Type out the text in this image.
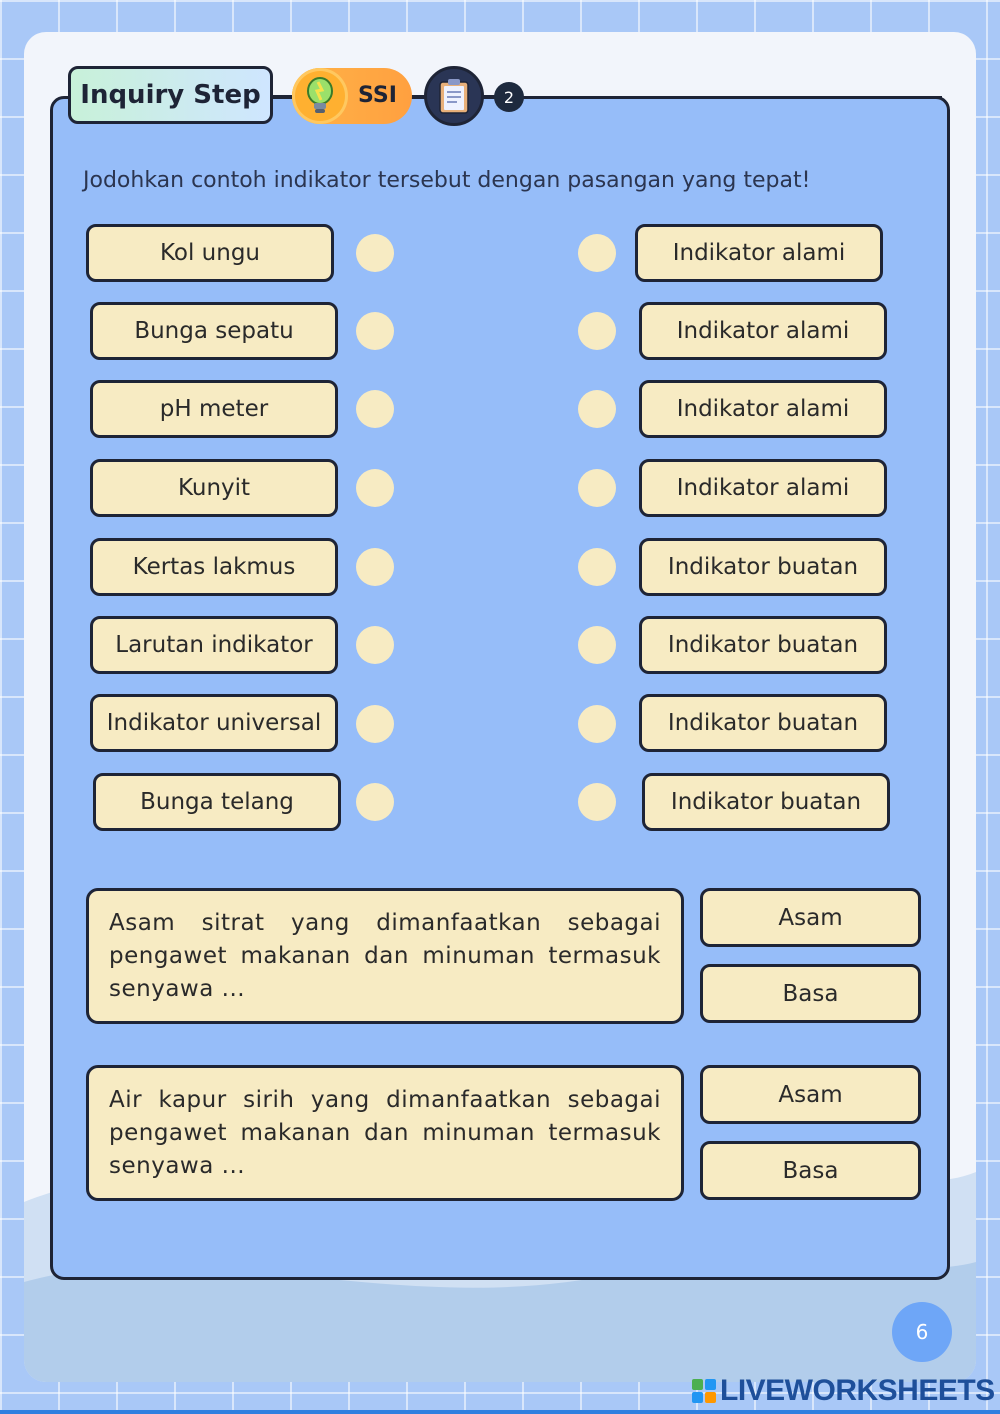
Inquiry Step	SSI	2
Jodohkan contoh indikator tersebut dengan pasangan yang tepat!
Kol ungu
Bunga sepatu
pH meter
Kunyit
Kertas lakmus
Larutan indikator
Indikator universal
Bunga telang
Indikator alami
Indikator alami
Indikator alami
Indikator alami
Indikator buatan
Indikator buatan
Indikator buatan
Indikator buatan
Asam sitrat yang dimanfaatkan sebagai pengawet makanan dan minuman termasuk senyawa ...
Asam
Basa
Air kapur sirih yang dimanfaatkan sebagai pengawet makanan dan minuman termasuk senyawa ...
Asam
Basa
6
LIVEWORKSHEETS
